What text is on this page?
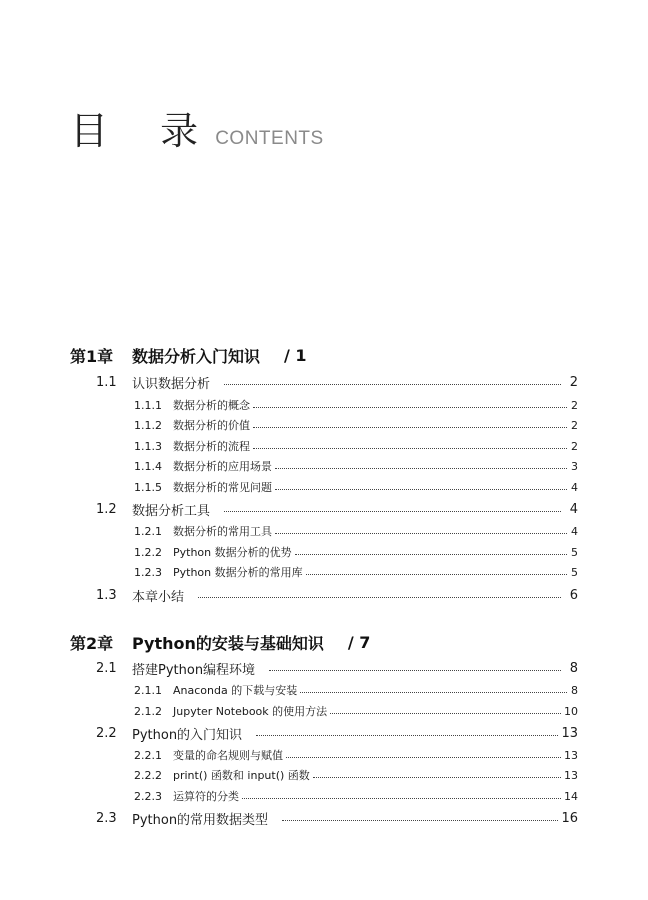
目 录 CONTENTS
第1章	数据分析入门知识 / 1
1.1	认识数据分析	2
1.1.1	数据分析的概念	2
1.1.2	数据分析的价值	2
1.1.3	数据分析的流程	2
1.1.4	数据分析的应用场景	3
1.1.5	数据分析的常见问题	4
1.2	数据分析工具	4
1.2.1	数据分析的常用工具	4
1.2.2	Python 数据分析的优势	5
1.2.3	Python 数据分析的常用库	5
1.3	本章小结	6
第2章	Python的安装与基础知识 / 7
2.1	搭建Python编程环境	8
2.1.1	Anaconda 的下载与安装	8
2.1.2	Jupyter Notebook 的使用方法	10
2.2	Python的入门知识	13
2.2.1	变量的命名规则与赋值	13
2.2.2	print() 函数和 input() 函数	13
2.2.3	运算符的分类	14
2.3	Python的常用数据类型	16
